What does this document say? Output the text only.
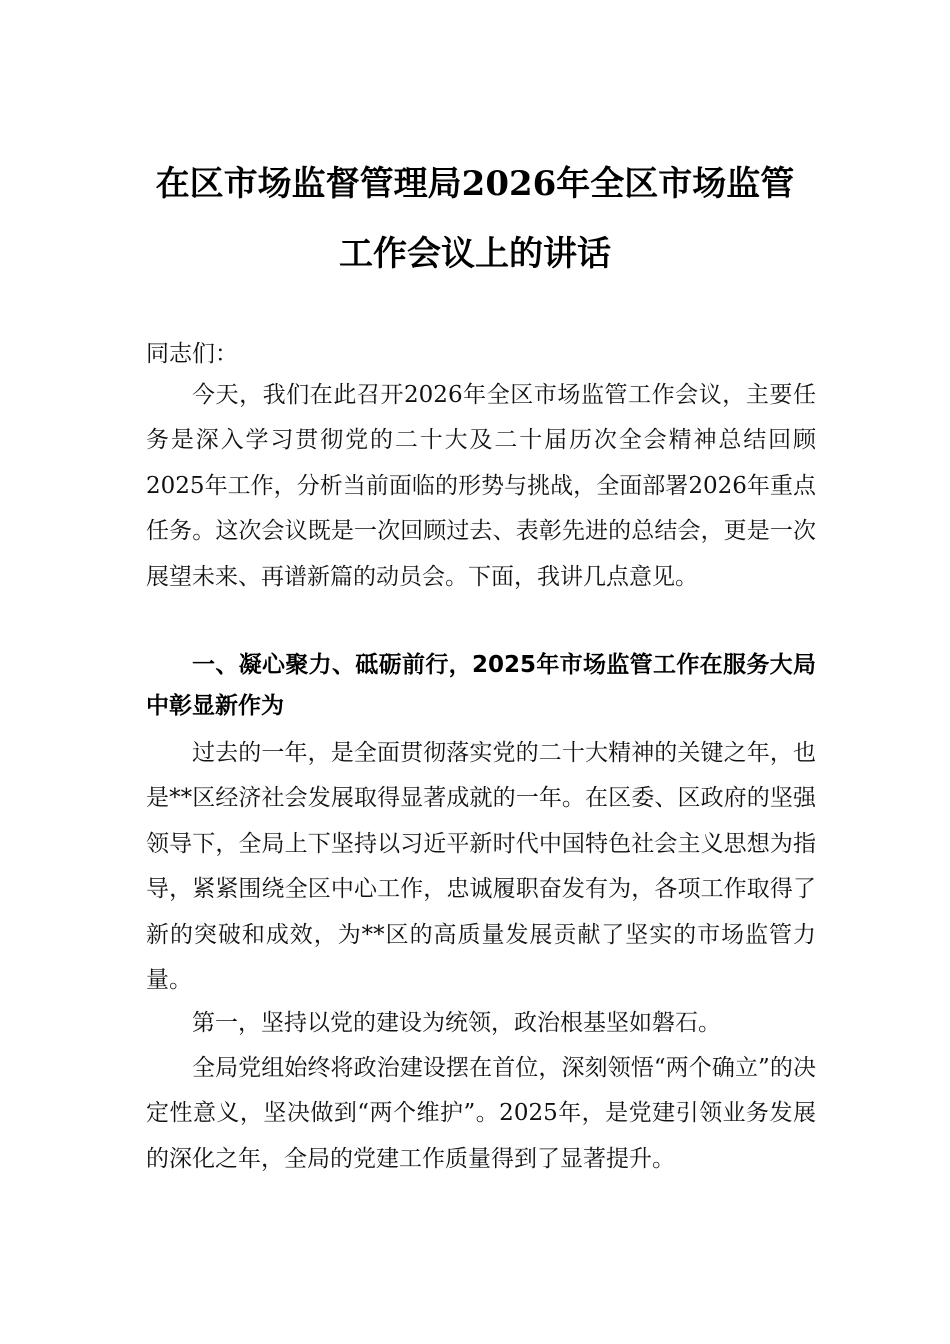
在区市场监督管理局2026年全区市场监管
工作会议上的讲话
同志们：
今天，我们在此召开2026年全区市场监管工作会议，主要任务是深入学习贯彻党的二十大及二十届历次全会精神总结回顾2025年工作，分析当前面临的形势与挑战，全面部署2026年重点任务。这次会议既是一次回顾过去、表彰先进的总结会，更是一次展望未来、再谱新篇的动员会。下面，我讲几点意见。
一、凝心聚力、砥砺前行，2025年市场监管工作在服务大局中彰显新作为
过去的一年，是全面贯彻落实党的二十大精神的关键之年，也是**区经济社会发展取得显著成就的一年。在区委、区政府的坚强领导下，全局上下坚持以习近平新时代中国特色社会主义思想为指导，紧紧围绕全区中心工作，忠诚履职奋发有为，各项工作取得了新的突破和成效，为**区的高质量发展贡献了坚实的市场监管力量。
第一，坚持以党的建设为统领，政治根基坚如磐石。
全局党组始终将政治建设摆在首位，深刻领悟“两个确立”的决定性意义，坚决做到“两个维护”。2025年，是党建引领业务发展的深化之年，全局的党建工作质量得到了显著提升。
